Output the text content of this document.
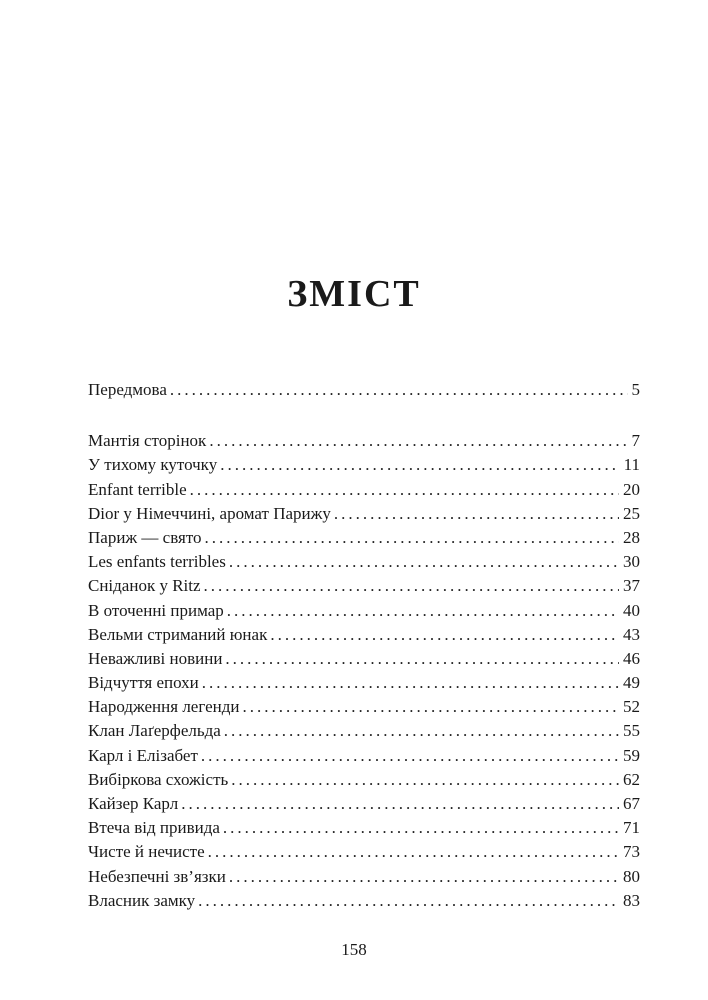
ЗМІСТ
Передмова .....	5
Мантія сторінок .....	7
У тихому куточку .....	11
Enfant terrible .....	20
Dior у Німеччині, аромат Парижу .....	25
Париж — свято .....	28
Les enfants terribles .....	30
Сніданок у Ritz .....	37
В оточенні примар .....	40
Вельми стриманий юнак .....	43
Неважливі новини .....	46
Відчуття епохи .....	49
Народження легенди .....	52
Клан Лаґерфельда .....	55
Карл і Елізабет .....	59
Вибіркова схожість .....	62
Кайзер Карл .....	67
Втеча від привида .....	71
Чисте й нечисте .....	73
Небезпечні зв’язки .....	80
Власник замку .....	83
158
